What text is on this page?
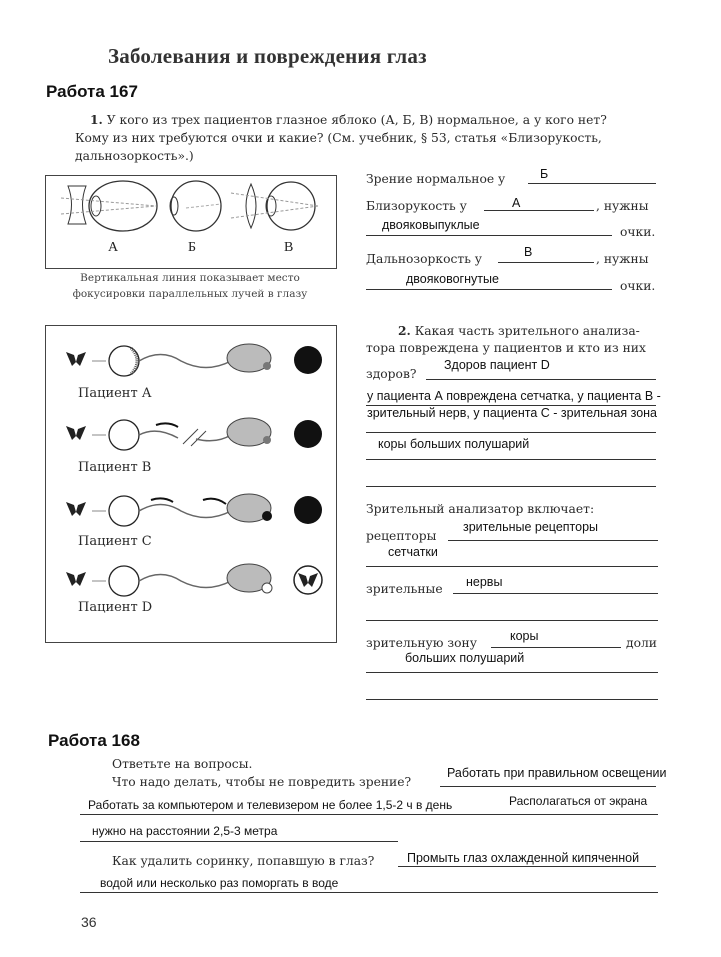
Заболевания и повреждения глаз
Работа 167
1. У кого из трех пациентов глазное яблоко (А, Б, В) нормальное, а у кого нет?
Кому из них требуются очки и какие? (См. учебник, § 53, статья «Близорукость,
дальнозоркость».)
А	Б	В
Вертикальная линия показывает место
фокусировки параллельных лучей в глазу
Зрение нормальное у	Б
Близорукость у	А	, нужны
двояковыпуклые	очки.
Дальнозоркость у	В	, нужны
двояковогнутые	очки.
Пациент А
Пациент В
Пациент С
Пациент D
2. Какая часть зрительного анализа-
тора повреждена у пациентов и кто из них
здоров?
Здоров пациент D
у пациента А повреждена сетчатка, у пациента В -
зрительный нерв, у пациента С - зрительная зона
коры больших полушарий
Зрительный анализатор включает:
рецепторы
зрительные рецепторы
сетчатки
зрительные нервы
зрительную зону	коры	доли
больших полушарий
Работа 168
Ответьте на вопросы.
Что надо делать, чтобы не повредить зрение?
Работать при правильном освещении
Работать за компьютером и телевизером не более 1,5-2 ч в день	Располагаться от экрана
нужно на расстоянии 2,5-3 метра
Как удалить соринку, попавшую в глаз?	Промыть глаз охлажденной кипяченной
водой или несколько раз поморгать в воде
36
